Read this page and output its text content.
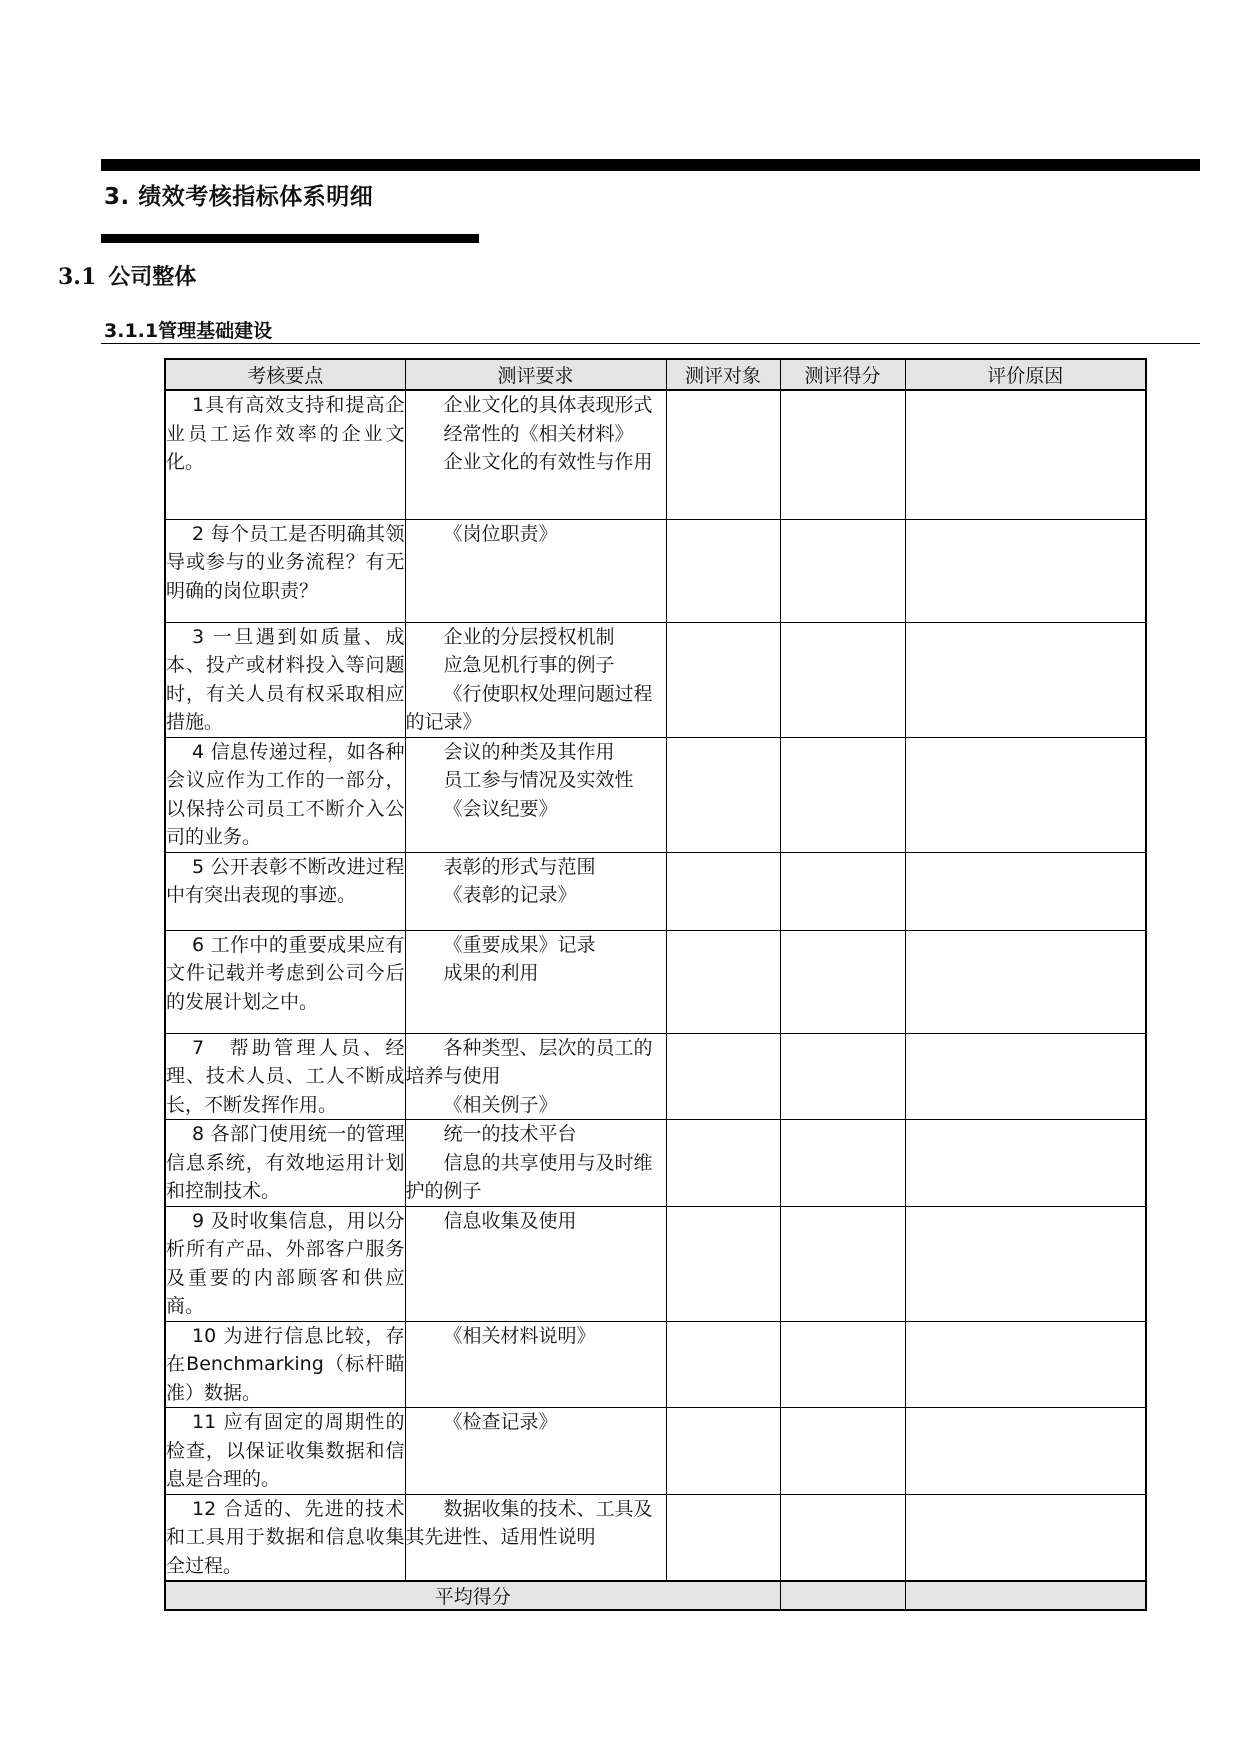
3. 绩效考核指标体系明细
3.1 公司整体
3.1.1管理基础建设
考核要点	测评要求	测评对象	测评得分	评价原因
1具有高效支持和提高企业员工运作效率的企业文化。	企业文化的具体表现形式
经常性的《相关材料》
企业文化的有效性与作用			

2 每个员工是否明确其领导或参与的业务流程？有无明确的岗位职责？	《岗位职责》			

3 一旦遇到如质量、成本、投产或材料投入等问题时，有关人员有权采取相应措施。	企业的分层授权机制
应急见机行事的例子
《行使职权处理问题过程的记录》			

4 信息传递过程，如各种会议应作为工作的一部分，以保持公司员工不断介入公司的业务。	会议的种类及其作用
员工参与情况及实效性
《会议纪要》			

5 公开表彰不断改进过程中有突出表现的事迹。	表彰的形式与范围
《表彰的记录》			

6 工作中的重要成果应有文件记载并考虑到公司今后的发展计划之中。	《重要成果》记录
成果的利用			

7　帮助管理人员、经理、技术人员、工人不断成长，不断发挥作用。	各种类型、层次的员工的培养与使用
《相关例子》			

8 各部门使用统一的管理信息系统，有效地运用计划和控制技术。	统一的技术平台
信息的共享使用与及时维护的例子			

9 及时收集信息，用以分析所有产品、外部客户服务及重要的内部顾客和供应商。	信息收集及使用			

10 为进行信息比较，存在Benchmarking（标杆瞄准）数据。	《相关材料说明》			

11 应有固定的周期性的检查，以保证收集数据和信息是合理的。	《检查记录》			

12 合适的、先进的技术和工具用于数据和信息收集全过程。	数据收集的技术、工具及其先进性、适用性说明			

平均得分				
